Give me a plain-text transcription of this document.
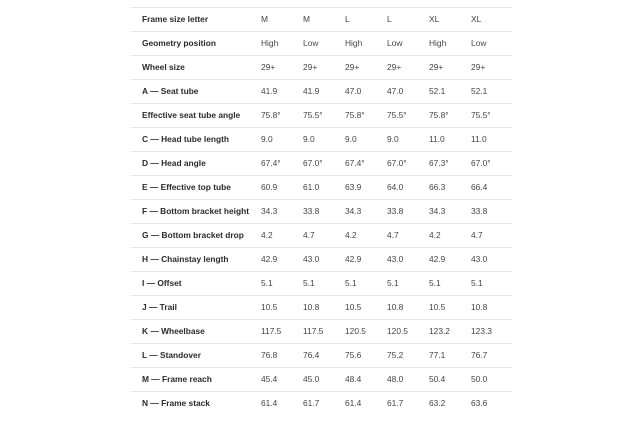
Frame size letter	M	M	L	L	XL	XL
Geometry position	High	Low	High	Low	High	Low
Wheel size	29+	29+	29+	29+	29+	29+
A — Seat tube	41.9	41.9	47.0	47.0	52.1	52.1
Effective seat tube angle	75.8°	75.5°	75.8°	75.5°	75.8°	75.5°
C — Head tube length	9.0	9.0	9.0	9.0	11.0	11.0
D — Head angle	67.4°	67.0°	67.4°	67.0°	67.3°	67.0°
E — Effective top tube	60.9	61.0	63.9	64.0	66.3	66.4
F — Bottom bracket height	34.3	33.8	34.3	33.8	34.3	33.8
G — Bottom bracket drop	4.2	4.7	4.2	4.7	4.2	4.7
H — Chainstay length	42.9	43.0	42.9	43.0	42.9	43.0
I — Offset	5.1	5.1	5.1	5.1	5.1	5.1
J — Trail	10.5	10.8	10.5	10.8	10.5	10.8
K — Wheelbase	117.5	117.5	120.5	120.5	123.2	123.3
L — Standover	76.8	76.4	75.6	75.2	77.1	76.7
M — Frame reach	45.4	45.0	48.4	48.0	50.4	50.0
N — Frame stack	61.4	61.7	61.4	61.7	63.2	63.6
